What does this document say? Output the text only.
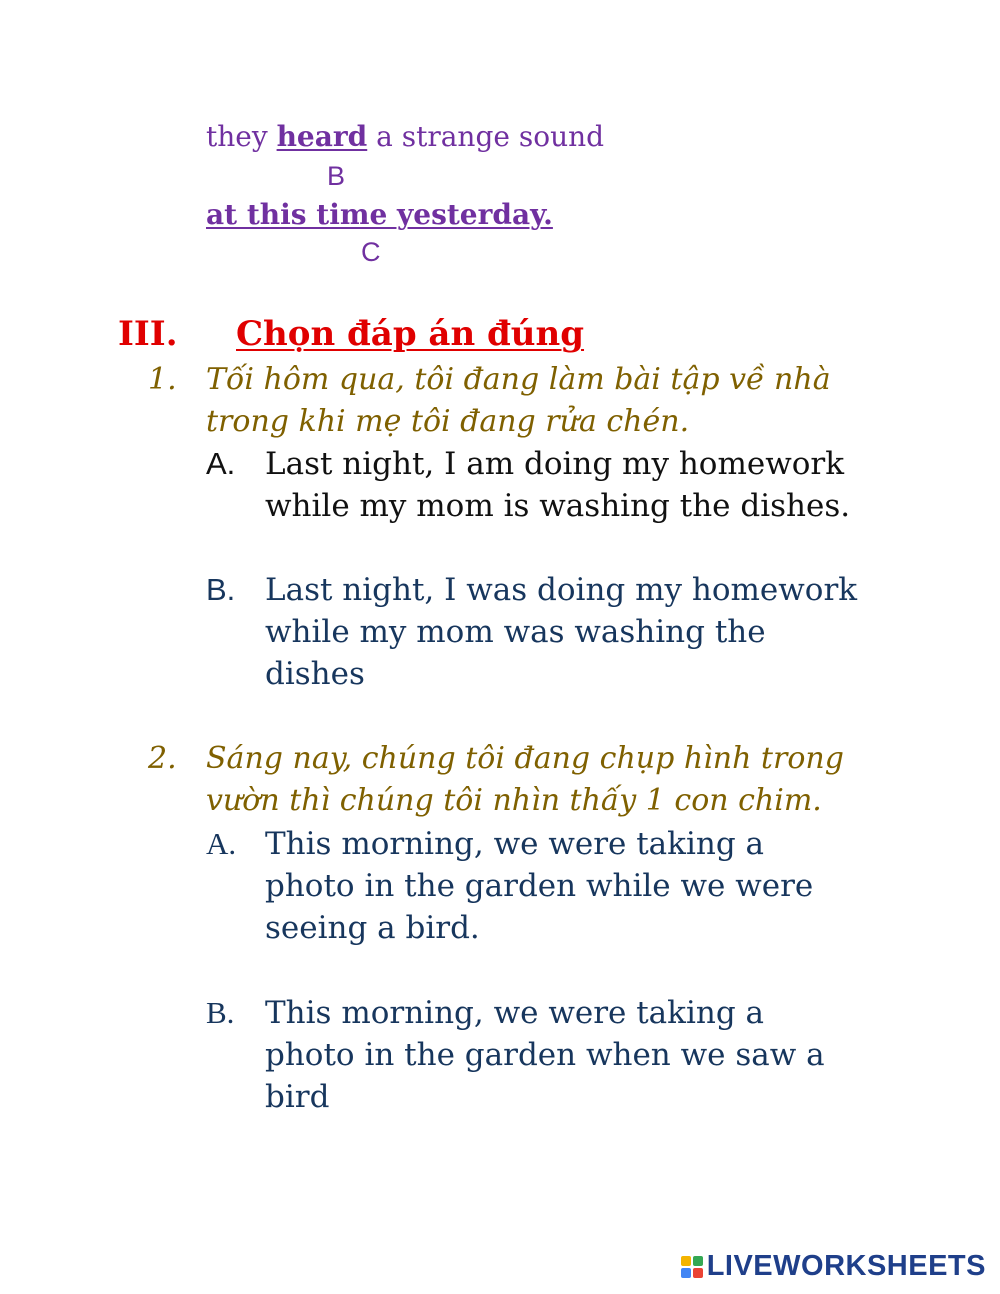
they heard a strange sound
B
at this time yesterday.
C
III. Chọn đáp án đúng
1. Tối hôm qua, tôi đang làm bài tập về nhà
trong khi mẹ tôi đang rửa chén.
A. Last night, I am doing my homework
while my mom is washing the dishes.
B. Last night, I was doing my homework
while my mom was washing the
dishes
2. Sáng nay, chúng tôi đang chụp hình trong
vườn thì chúng tôi nhìn thấy 1 con chim.
A. This morning, we were taking a
photo in the garden while we were
seeing a bird.
B. This morning, we were taking a
photo in the garden when we saw a
bird
LIVEWORKSHEETS
